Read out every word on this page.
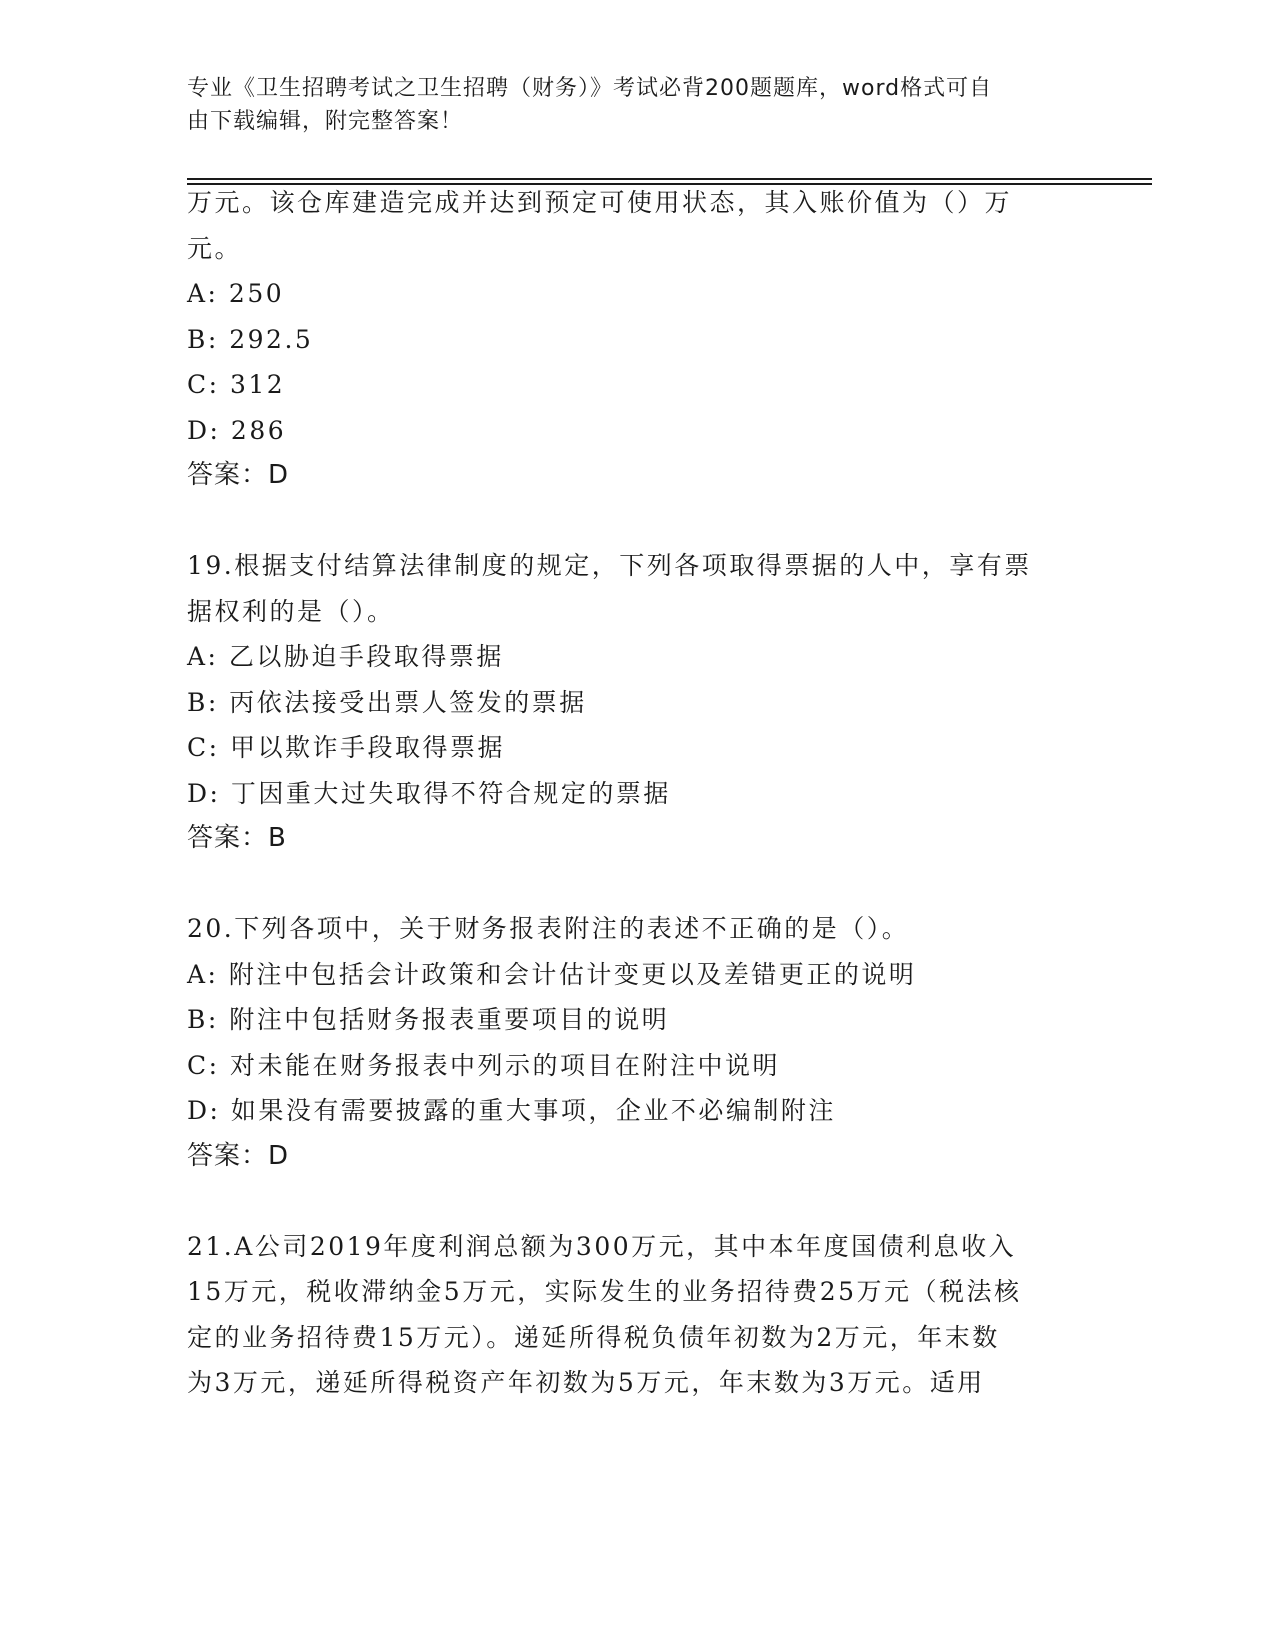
专业《卫生招聘考试之卫生招聘（财务）》考试必背200题题库，word格式可自
由下载编辑，附完整答案！
万元。该仓库建造完成并达到预定可使用状态，其入账价值为（）万
元。
A: 250
B: 292.5
C: 312
D: 286
答案：D
19.根据支付结算法律制度的规定，下列各项取得票据的人中，享有票
据权利的是（）。
A: 乙以胁迫手段取得票据
B: 丙依法接受出票人签发的票据
C: 甲以欺诈手段取得票据
D: 丁因重大过失取得不符合规定的票据
答案：B
20.下列各项中，关于财务报表附注的表述不正确的是（）。
A: 附注中包括会计政策和会计估计变更以及差错更正的说明
B: 附注中包括财务报表重要项目的说明
C: 对未能在财务报表中列示的项目在附注中说明
D: 如果没有需要披露的重大事项，企业不必编制附注
答案：D
21.A公司2019年度利润总额为300万元，其中本年度国债利息收入
15万元，税收滞纳金5万元，实际发生的业务招待费25万元（税法核
定的业务招待费15万元）。递延所得税负债年初数为2万元，年末数
为3万元，递延所得税资产年初数为5万元，年末数为3万元。适用
